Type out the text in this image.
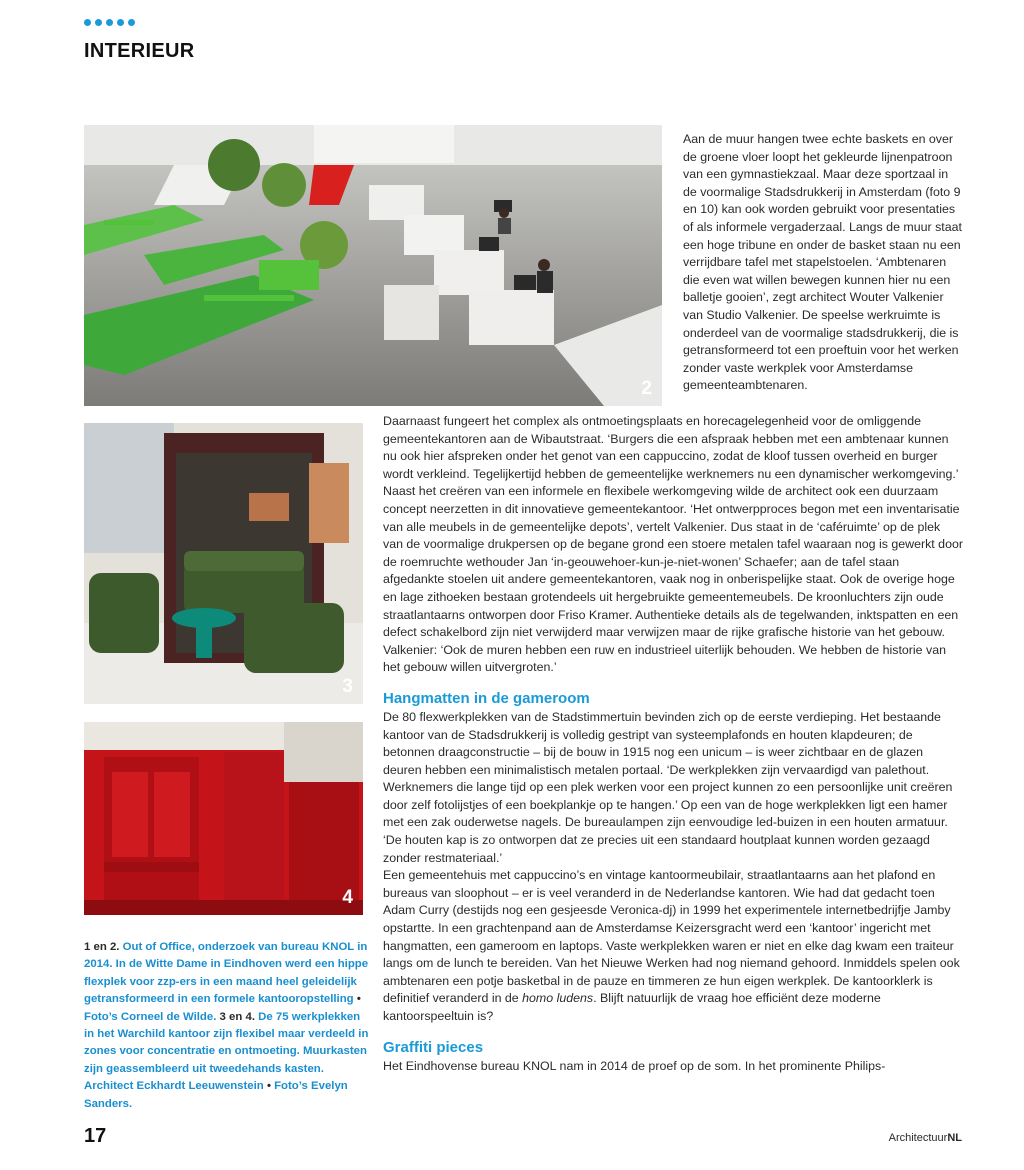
INTERIEUR
2
3
4

Aan de muur hangen twee echte baskets en over de groene vloer loopt het gekleurde lijnenpatroon van een gymnastiekzaal. Maar deze sportzaal in de voormalige Stadsdrukkerij in Amsterdam (foto 9 en 10) kan ook worden gebruikt voor presentaties of als informele vergaderzaal. Langs de muur staat een hoge tribune en onder de basket staan nu een verrijdbare tafel met stapelstoelen. ‘Ambtenaren die even wat willen bewegen kunnen hier nu een balletje gooien’, zegt architect Wouter Valkenier van Studio Valkenier. De speelse werkruimte is onderdeel van de voormalige stadsdrukkerij, die is getransformeerd tot een proeftuin voor het werken zonder vaste werkplek voor Amsterdamse gemeenteambtenaren.

Daarnaast fungeert het complex als ontmoetingsplaats en horecagelegenheid voor de omliggende gemeentekantoren aan de Wibautstraat. ‘Burgers die een afspraak hebben met een ambtenaar kunnen nu ook hier afspreken onder het genot van een cappuccino, zodat de kloof tussen overheid en burger wordt verkleind. Tegelijkertijd hebben de gemeentelijke werknemers nu een dynamischer werkomgeving.’ Naast het creëren van een informele en flexibele werkomgeving wilde de architect ook een duurzaam concept neerzetten in dit innovatieve gemeentekantoor. ‘Het ontwerpproces begon met een inventarisatie van alle meubels in de gemeentelijke depots’, vertelt Valkenier. Dus staat in de ‘caféruimte’ op de plek van de voormalige drukpersen op de begane grond een stoere metalen tafel waaraan nog is gewerkt door de roemruchte wethouder Jan ‘in-geouwehoer-kun-je-niet-wonen’ Schaefer; aan de tafel staan afgedankte stoelen uit andere gemeentekantoren, vaak nog in onberispelijke staat. Ook de overige hoge en lage zithoeken bestaan grotendeels uit hergebruikte gemeentemeubels. De kroonluchters zijn oude straatlantaarns ontworpen door Friso Kramer. Authentieke details als de tegelwanden, inktspatten en een defect schakelbord zijn niet verwijderd maar verwijzen maar de rijke grafische historie van het gebouw. Valkenier: ‘Ook de muren hebben een ruw en industrieel uiterlijk behouden. We hebben de historie van het gebouw willen uitvergroten.’

Hangmatten in de gameroom

De 80 flexwerkplekken van de Stadstimmertuin bevinden zich op de eerste verdieping. Het bestaande kantoor van de Stadsdrukkerij is volledig gestript van systeemplafonds en houten klapdeuren; de betonnen draagconstructie – bij de bouw in 1915 nog een unicum – is weer zichtbaar en de glazen deuren hebben een minimalistisch metalen portaal. ‘De werkplekken zijn vervaardigd van palethout. Werknemers die lange tijd op een plek werken voor een project kunnen zo een persoonlijke unit creëren door zelf fotolijstjes of een boekplankje op te hangen.’ Op een van de hoge werkplekken ligt een hamer met een zak ouderwetse nagels. De bureaulampen zijn eenvoudige led-buizen in een houten armatuur. ‘De houten kap is zo ontworpen dat ze precies uit een standaard houtplaat kunnen worden gezaagd zonder restmateriaal.’

Een gemeentehuis met cappuccino’s en vintage kantoormeubilair, straatlantaarns aan het plafond en bureaus van sloophout – er is veel veranderd in de Nederlandse kantoren. Wie had dat gedacht toen Adam Curry (destijds nog een gesjeesde Veronica-dj) in 1999 het experimentele internetbedrijfje Jamby opstartte. In een grachtenpand aan de Amsterdamse Keizersgracht werd een ‘kantoor’ ingericht met hangmatten, een gameroom en laptops. Vaste werkplekken waren er niet en elke dag kwam een traiteur langs om de lunch te bereiden. Van het Nieuwe Werken had nog niemand gehoord. Inmiddels spelen ook ambtenaren een potje basketbal in de pauze en timmeren ze hun eigen werkplek. De kantoorklerk is definitief veranderd in de homo ludens. Blijft natuurlijk de vraag hoe efficiënt deze moderne kantoorspeeltuin is?

Graffiti pieces

Het Eindhovense bureau KNOL nam in 2014 de proef op de som. In het prominente Philips-

1 en 2. Out of Office, onderzoek van bureau KNOL in 2014. In de Witte Dame in Eindhoven werd een hippe flexplek voor zzp-ers in een maand heel geleidelijk getransformeerd in een formele kantooropstelling • Foto’s Corneel de Wilde. 3 en 4. De 75 werkplekken in het Warchild kantoor zijn flexibel maar verdeeld in zones voor concentratie en ontmoeting. Muurkasten zijn geassembleerd uit tweedehands kasten. Architect Eckhardt Leeuwenstein • Foto’s Evelyn Sanders.

17	ArchitectuurNL
